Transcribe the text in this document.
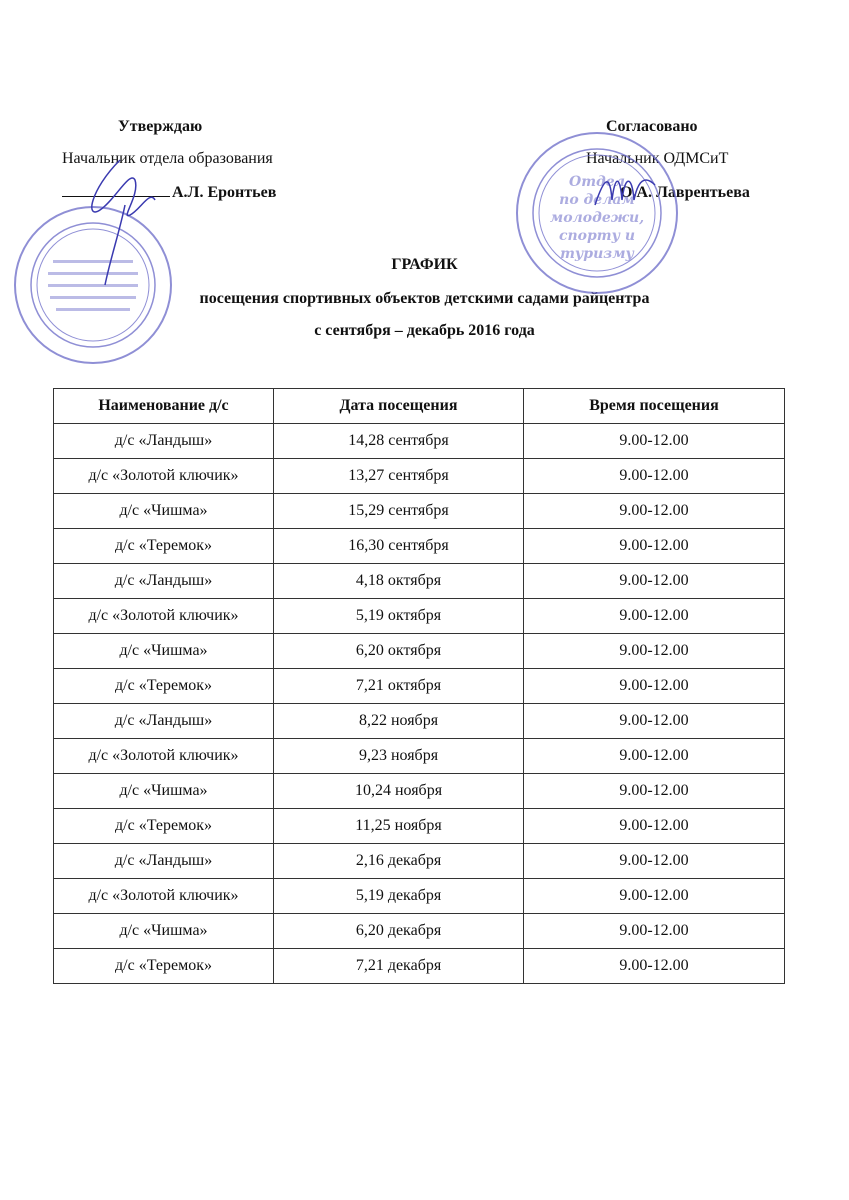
Утверждаю
Начальник отдела образования
А.Л. Еронтьев
Согласовано
Начальник ОДМСиТ
О.А. Лаврентьева
ГРАФИК
посещения спортивных объектов детскими садами райцентра
с сентября – декабрь 2016 года
Наименование д/с	Дата посещения	Время посещения
д/с «Ландыш»	14,28 сентября	9.00-12.00
д/с «Золотой ключик»	13,27 сентября	9.00-12.00
д/с «Чишма»	15,29 сентября	9.00-12.00
д/с «Теремок»	16,30 сентября	9.00-12.00
д/с «Ландыш»	4,18 октября	9.00-12.00
д/с «Золотой ключик»	5,19 октября	9.00-12.00
д/с «Чишма»	6,20 октября	9.00-12.00
д/с «Теремок»	7,21 октября	9.00-12.00
д/с «Ландыш»	8,22 ноября	9.00-12.00
д/с «Золотой ключик»	9,23 ноября	9.00-12.00
д/с «Чишма»	10,24 ноября	9.00-12.00
д/с «Теремок»	11,25 ноября	9.00-12.00
д/с «Ландыш»	2,16 декабря	9.00-12.00
д/с «Золотой ключик»	5,19 декабря	9.00-12.00
д/с «Чишма»	6,20 декабря	9.00-12.00
д/с «Теремок»	7,21 декабря	9.00-12.00
Отдел
по делам
молодежи,
спорту и
туризму
